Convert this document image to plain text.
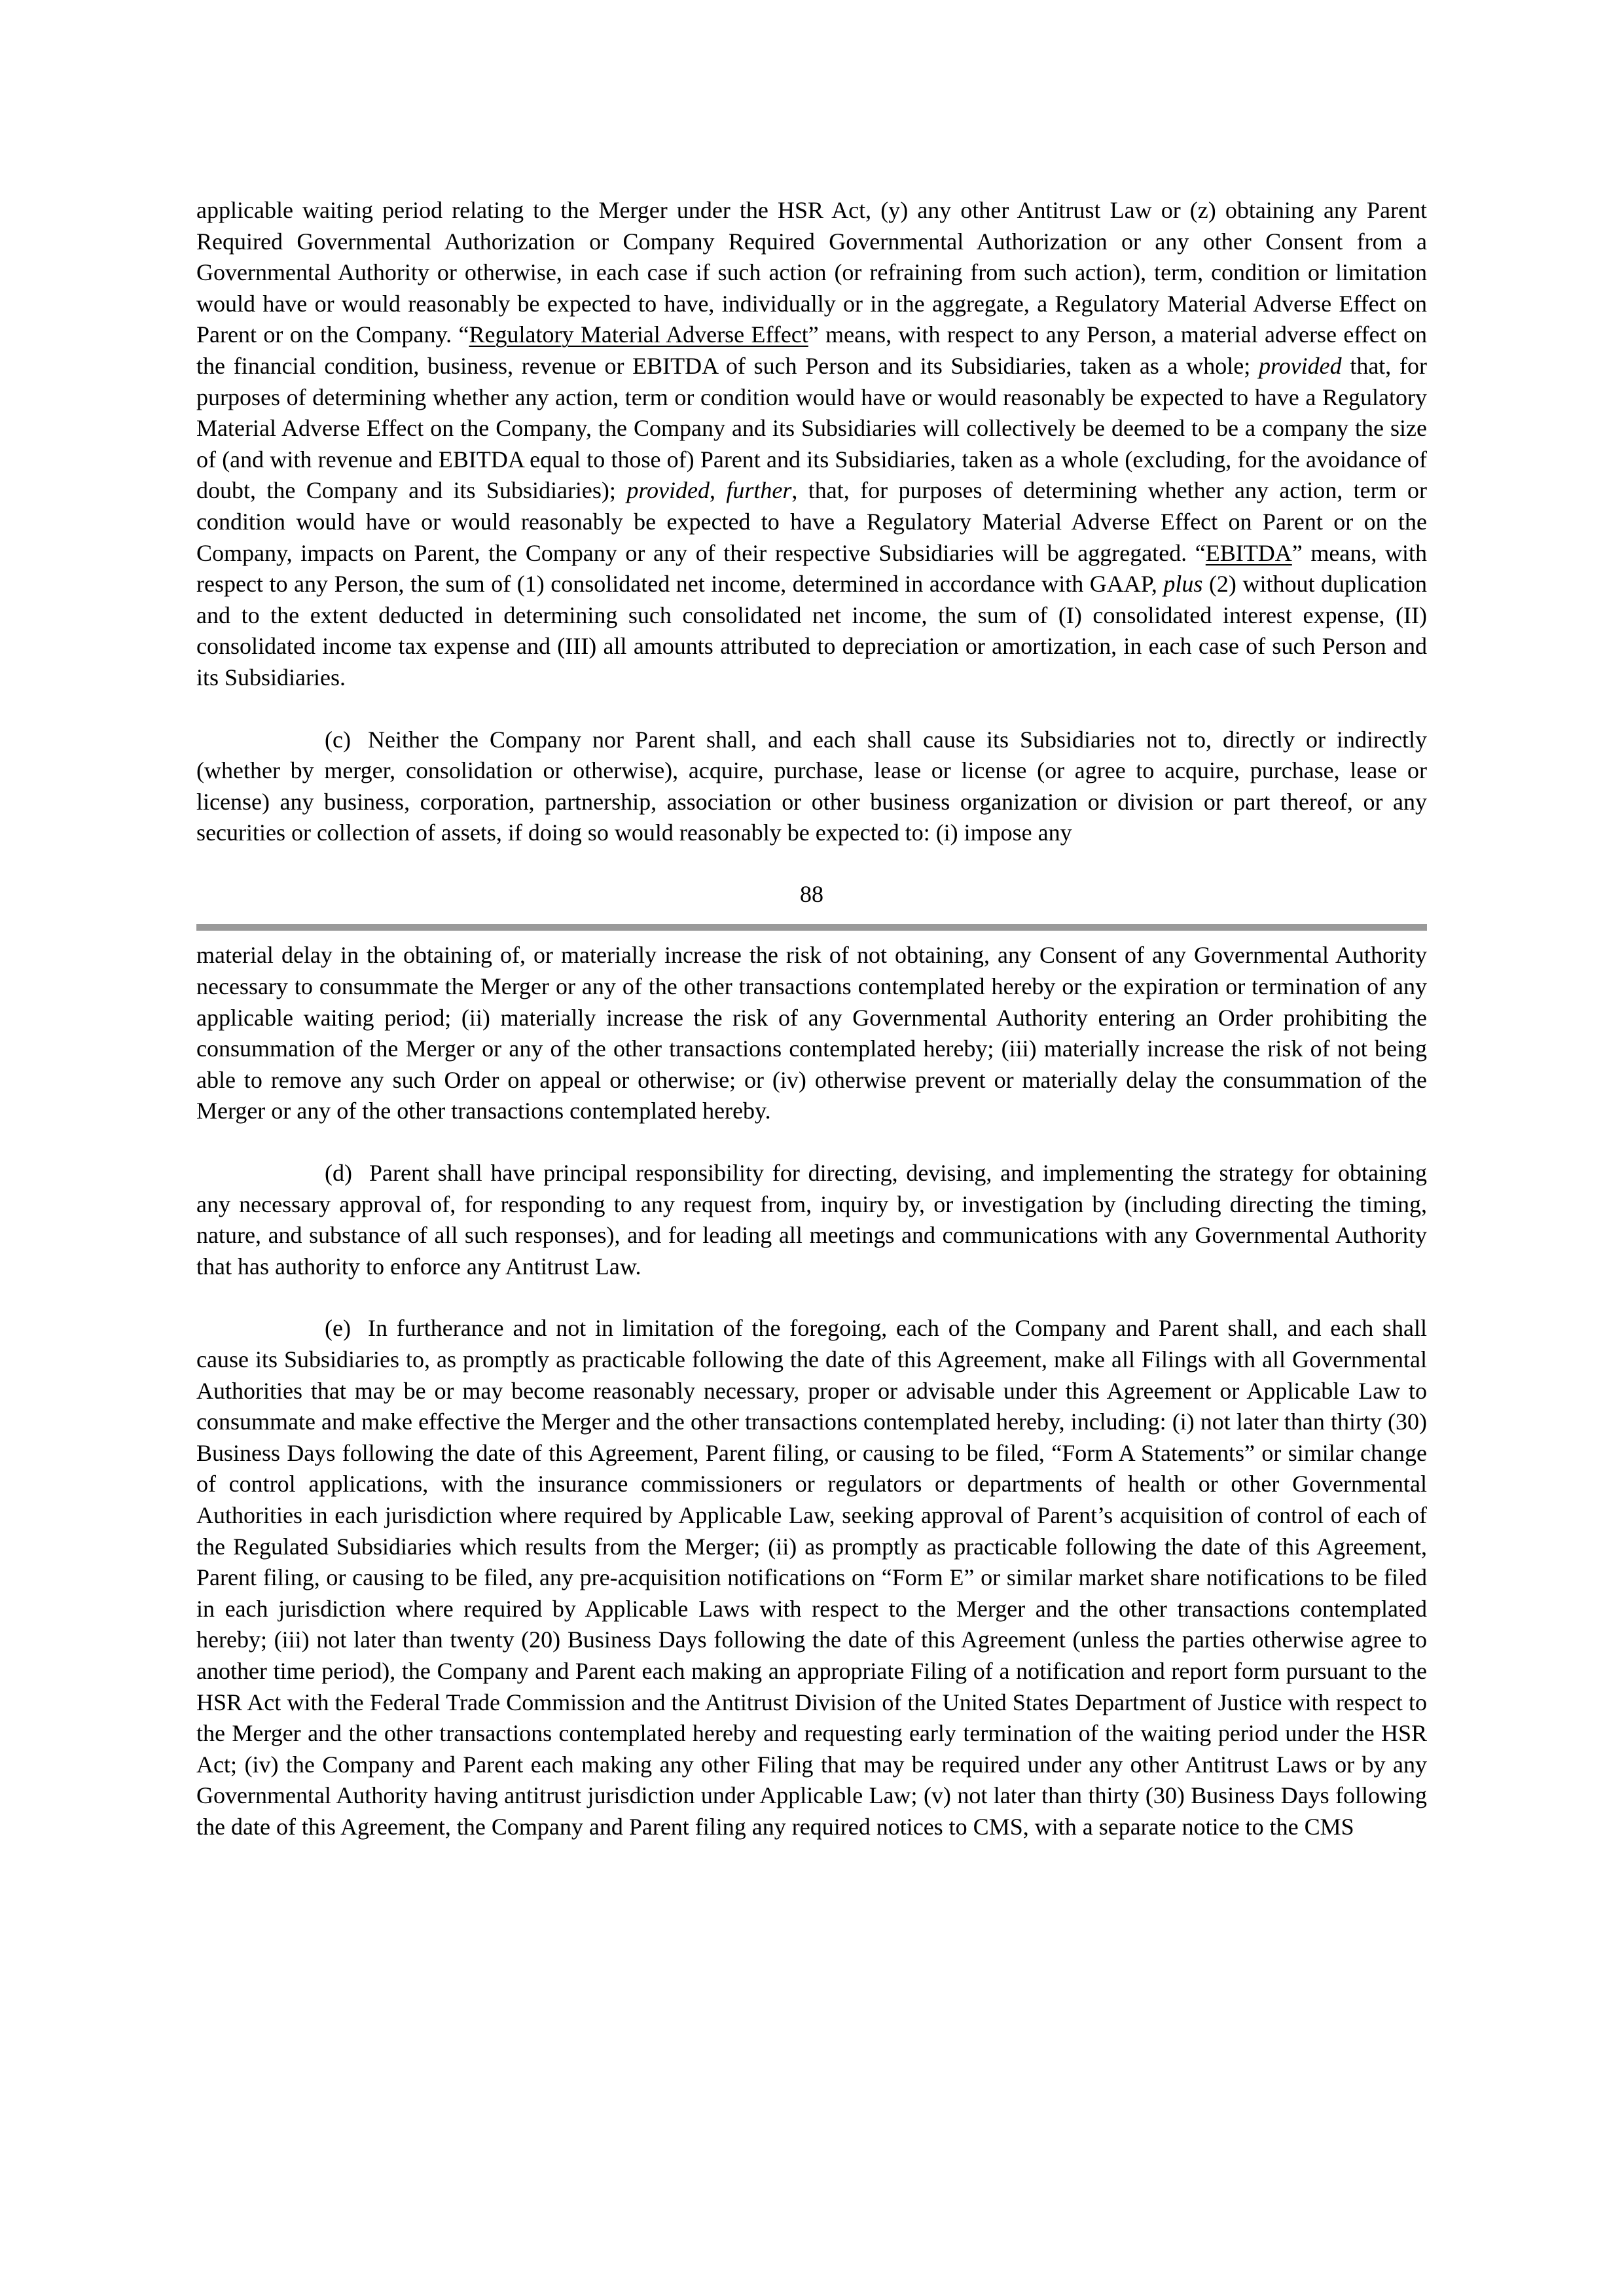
applicable waiting period relating to the Merger under the HSR Act, (y) any other Antitrust Law or (z) obtaining any Parent Required Governmental Authorization or Company Required Governmental Authorization or any other Consent from a Governmental Authority or otherwise, in each case if such action (or refraining from such action), term, condition or limitation would have or would reasonably be expected to have, individually or in the aggregate, a Regulatory Material Adverse Effect on Parent or on the Company. “Regulatory Material Adverse Effect” means, with respect to any Person, a material adverse effect on the financial condition, business, revenue or EBITDA of such Person and its Subsidiaries, taken as a whole; provided that, for purposes of determining whether any action, term or condition would have or would reasonably be expected to have a Regulatory Material Adverse Effect on the Company, the Company and its Subsidiaries will collectively be deemed to be a company the size of (and with revenue and EBITDA equal to those of) Parent and its Subsidiaries, taken as a whole (excluding, for the avoidance of doubt, the Company and its Subsidiaries); provided, further, that, for purposes of determining whether any action, term or condition would have or would reasonably be expected to have a Regulatory Material Adverse Effect on Parent or on the Company, impacts on Parent, the Company or any of their respective Subsidiaries will be aggregated. “EBITDA” means, with respect to any Person, the sum of (1) consolidated net income, determined in accordance with GAAP, plus (2) without duplication and to the extent deducted in determining such consolidated net income, the sum of (I) consolidated interest expense, (II) consolidated income tax expense and (III) all amounts attributed to depreciation or amortization, in each case of such Person and its Subsidiaries.

(c) Neither the Company nor Parent shall, and each shall cause its Subsidiaries not to, directly or indirectly (whether by merger, consolidation or otherwise), acquire, purchase, lease or license (or agree to acquire, purchase, lease or license) any business, corporation, partnership, association or other business organization or division or part thereof, or any securities or collection of assets, if doing so would reasonably be expected to: (i) impose any

88

material delay in the obtaining of, or materially increase the risk of not obtaining, any Consent of any Governmental Authority necessary to consummate the Merger or any of the other transactions contemplated hereby or the expiration or termination of any applicable waiting period; (ii) materially increase the risk of any Governmental Authority entering an Order prohibiting the consummation of the Merger or any of the other transactions contemplated hereby; (iii) materially increase the risk of not being able to remove any such Order on appeal or otherwise; or (iv) otherwise prevent or materially delay the consummation of the Merger or any of the other transactions contemplated hereby.

(d) Parent shall have principal responsibility for directing, devising, and implementing the strategy for obtaining any necessary approval of, for responding to any request from, inquiry by, or investigation by (including directing the timing, nature, and substance of all such responses), and for leading all meetings and communications with any Governmental Authority that has authority to enforce any Antitrust Law.

(e) In furtherance and not in limitation of the foregoing, each of the Company and Parent shall, and each shall cause its Subsidiaries to, as promptly as practicable following the date of this Agreement, make all Filings with all Governmental Authorities that may be or may become reasonably necessary, proper or advisable under this Agreement or Applicable Law to consummate and make effective the Merger and the other transactions contemplated hereby, including: (i) not later than thirty (30) Business Days following the date of this Agreement, Parent filing, or causing to be filed, “Form A Statements” or similar change of control applications, with the insurance commissioners or regulators or departments of health or other Governmental Authorities in each jurisdiction where required by Applicable Law, seeking approval of Parent’s acquisition of control of each of the Regulated Subsidiaries which results from the Merger; (ii) as promptly as practicable following the date of this Agreement, Parent filing, or causing to be filed, any pre-acquisition notifications on “Form E” or similar market share notifications to be filed in each jurisdiction where required by Applicable Laws with respect to the Merger and the other transactions contemplated hereby; (iii) not later than twenty (20) Business Days following the date of this Agreement (unless the parties otherwise agree to another time period), the Company and Parent each making an appropriate Filing of a notification and report form pursuant to the HSR Act with the Federal Trade Commission and the Antitrust Division of the United States Department of Justice with respect to the Merger and the other transactions contemplated hereby and requesting early termination of the waiting period under the HSR Act; (iv) the Company and Parent each making any other Filing that may be required under any other Antitrust Laws or by any Governmental Authority having antitrust jurisdiction under Applicable Law; (v) not later than thirty (30) Business Days following the date of this Agreement, the Company and Parent filing any required notices to CMS, with a separate notice to the CMS
